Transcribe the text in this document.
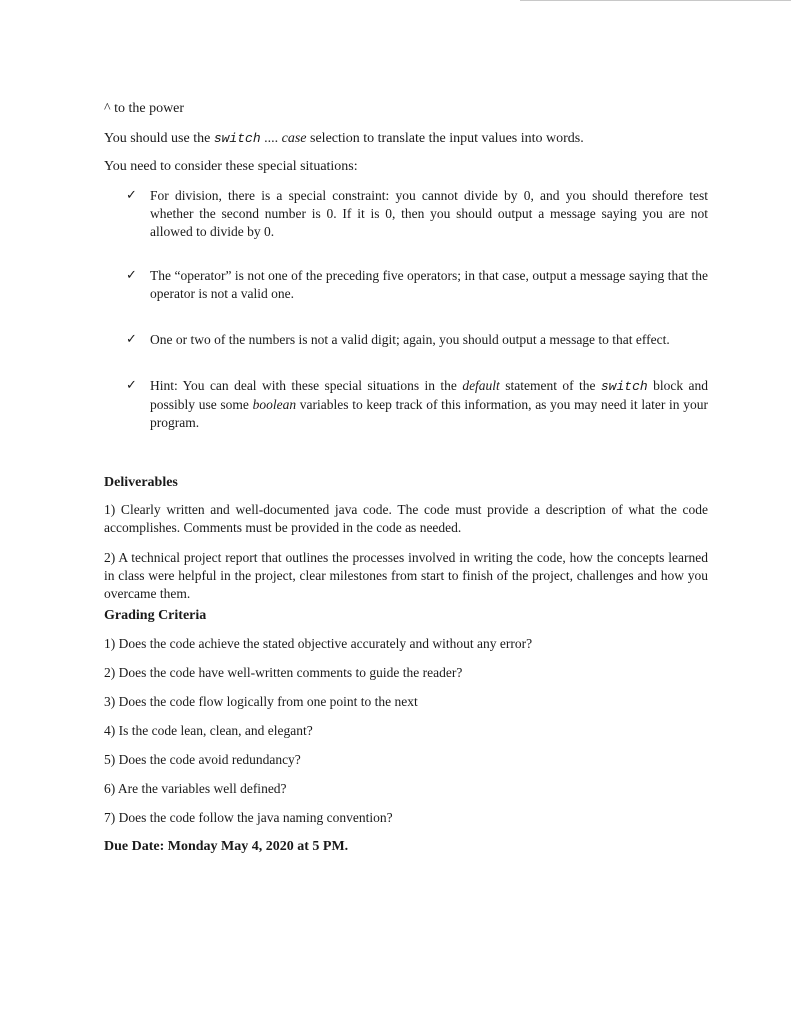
^ to the power

You should use the switch .... case selection to translate the input values into words.

You need to consider these special situations:

✓ For division, there is a special constraint: you cannot divide by 0, and you should therefore test whether the second number is 0. If it is 0, then you should output a message saying you are not allowed to divide by 0.
✓ The “operator” is not one of the preceding five operators; in that case, output a message saying that the operator is not a valid one.
✓ One or two of the numbers is not a valid digit; again, you should output a message to that effect.
✓ Hint: You can deal with these special situations in the default statement of the switch block and possibly use some boolean variables to keep track of this information, as you may need it later in your program.

Deliverables

1) Clearly written and well-documented java code. The code must provide a description of what the code accomplishes. Comments must be provided in the code as needed.

2) A technical project report that outlines the processes involved in writing the code, how the concepts learned in class were helpful in the project, clear milestones from start to finish of the project, challenges and how you overcame them.

Grading Criteria

1) Does the code achieve the stated objective accurately and without any error?
2) Does the code have well-written comments to guide the reader?
3) Does the code flow logically from one point to the next
4) Is the code lean, clean, and elegant?
5) Does the code avoid redundancy?
6) Are the variables well defined?
7) Does the code follow the java naming convention?

Due Date: Monday May 4, 2020 at 5 PM.
